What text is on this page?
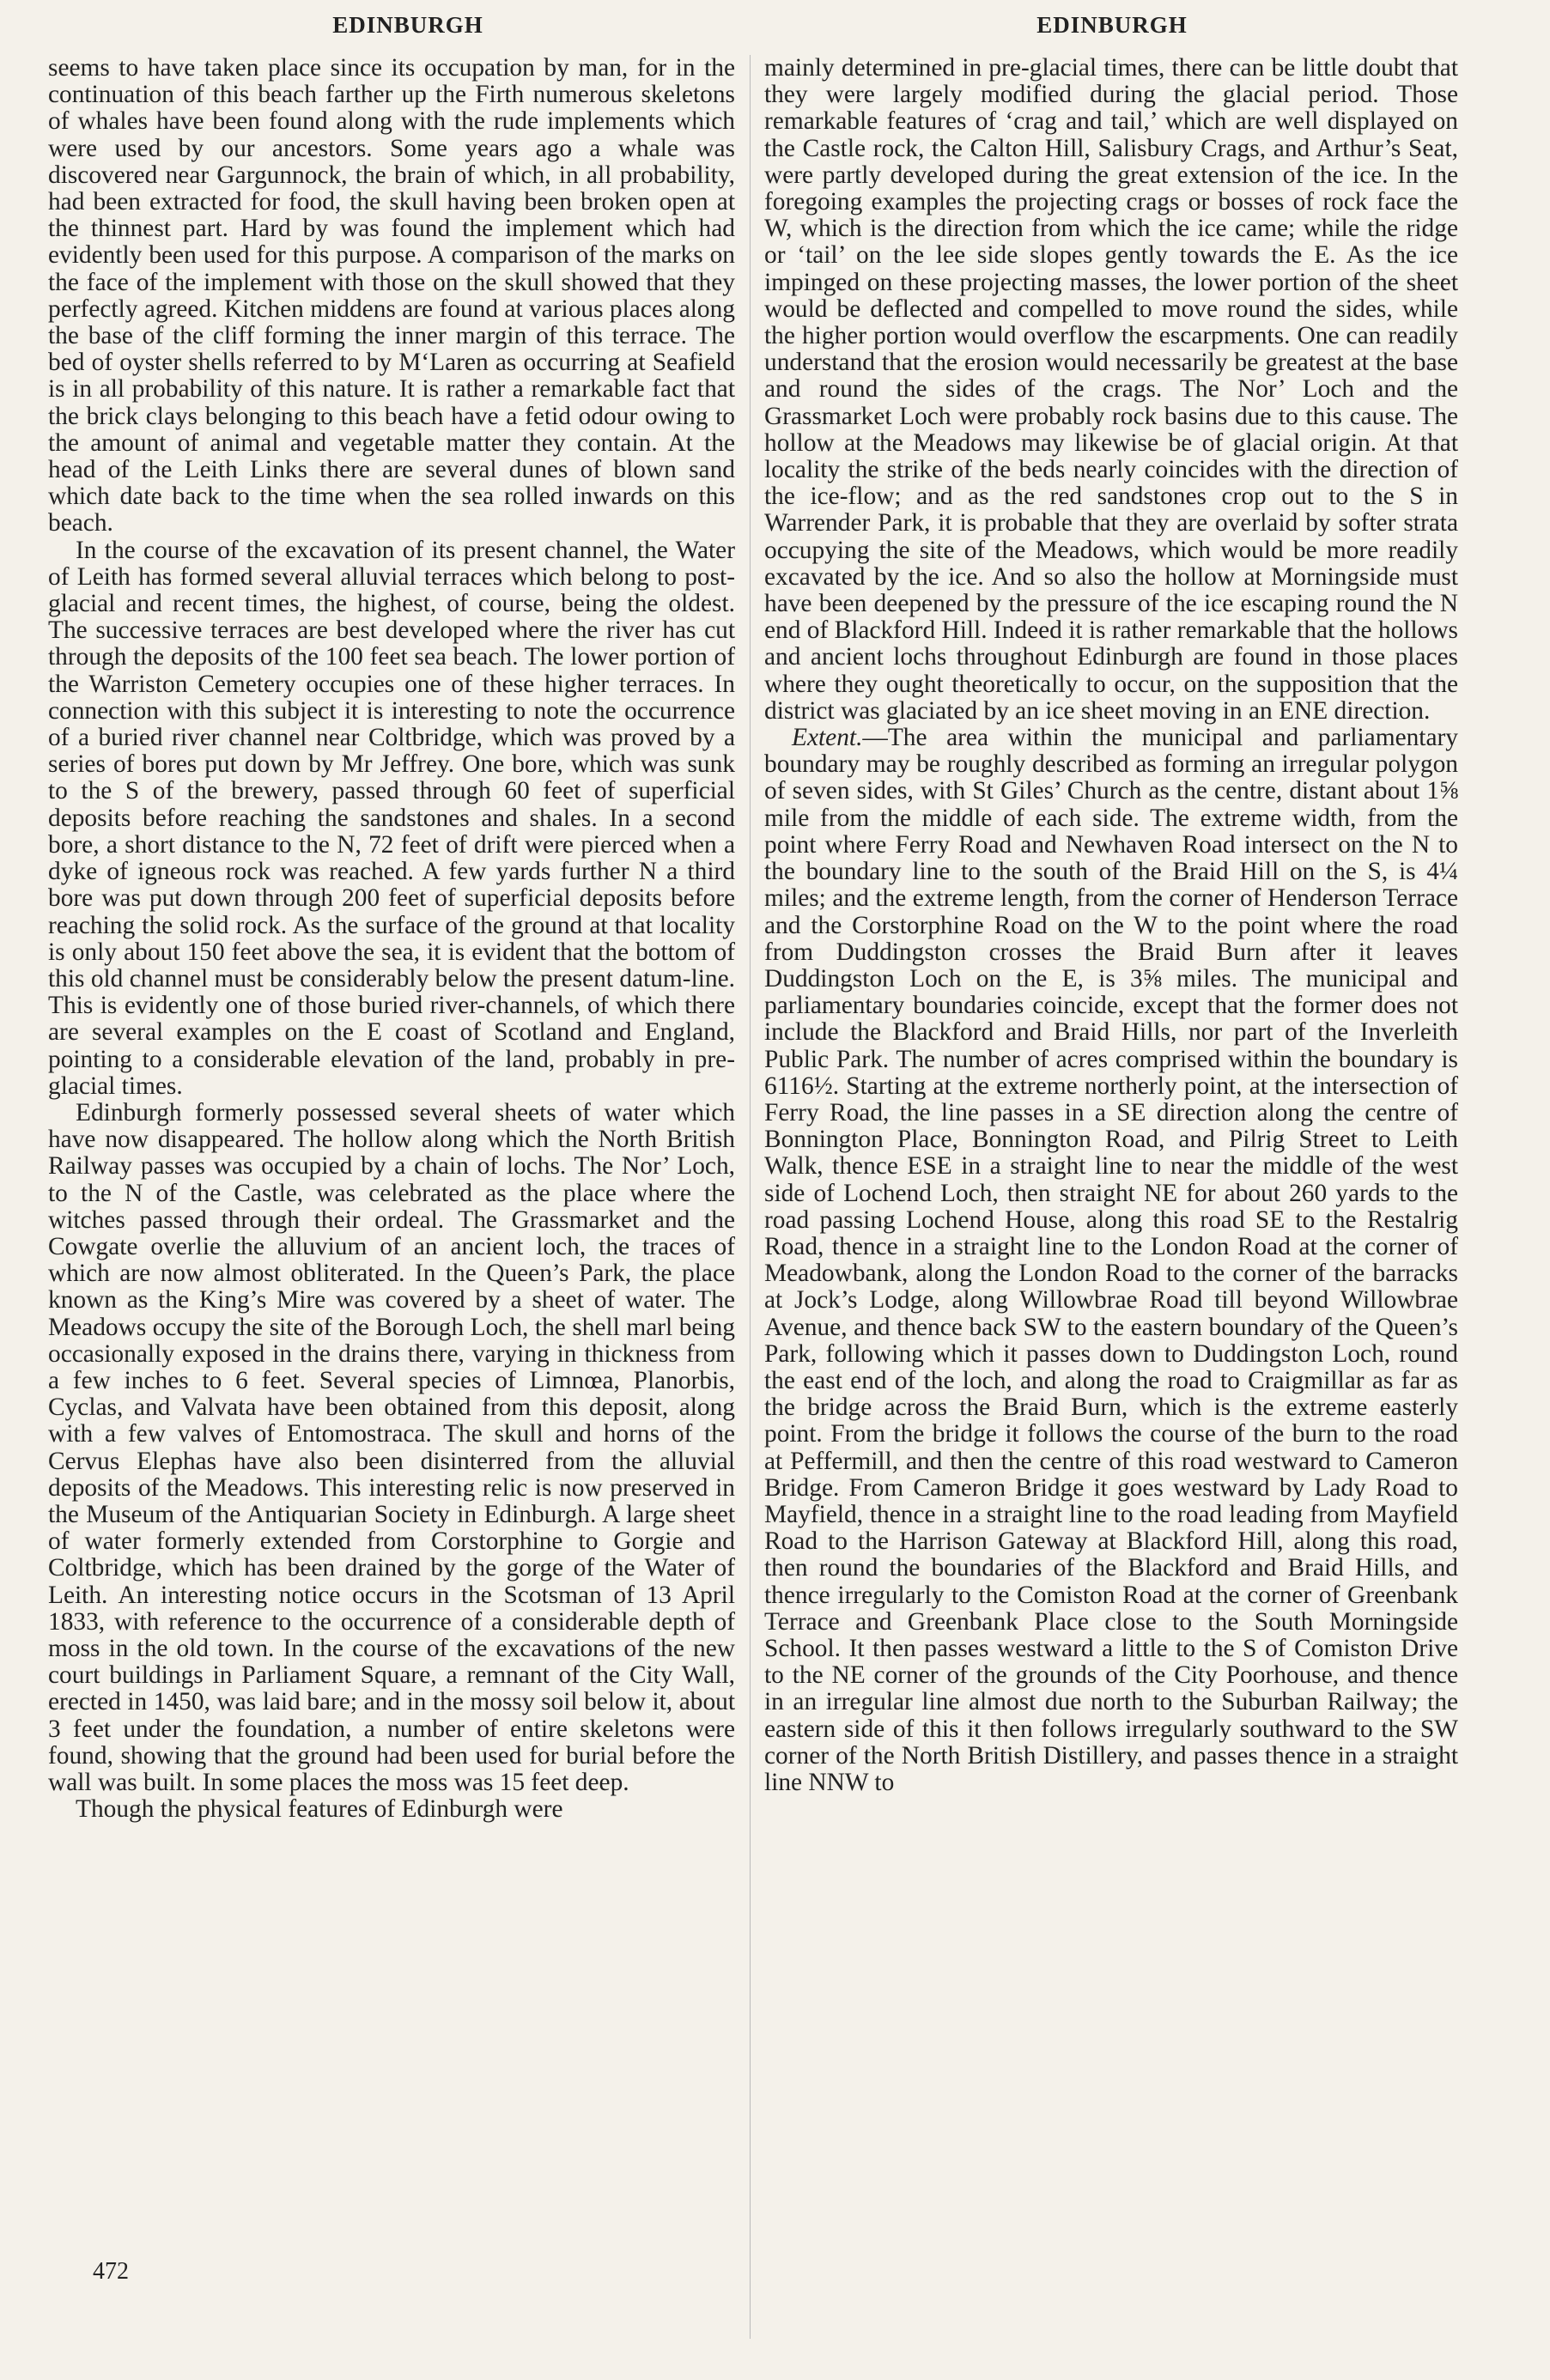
EDINBURGH	EDINBURGH

seems to have taken place since its occupation by man, for in the continuation of this beach farther up the Firth numerous skeletons of whales have been found along with the rude implements which were used by our ancestors. Some years ago a whale was discovered near Gargunnock, the brain of which, in all probability, had been extracted for food, the skull having been broken open at the thinnest part. Hard by was found the implement which had evidently been used for this purpose. A comparison of the marks on the face of the implement with those on the skull showed that they perfectly agreed. Kitchen middens are found at various places along the base of the cliff forming the inner margin of this terrace. The bed of oyster shells referred to by M‘Laren as occurring at Seafield is in all probability of this nature. It is rather a remarkable fact that the brick clays belonging to this beach have a fetid odour owing to the amount of animal and vegetable matter they contain. At the head of the Leith Links there are several dunes of blown sand which date back to the time when the sea rolled inwards on this beach.

In the course of the excavation of its present channel, the Water of Leith has formed several alluvial terraces which belong to post-glacial and recent times, the highest, of course, being the oldest. The successive terraces are best developed where the river has cut through the deposits of the 100 feet sea beach. The lower portion of the Warriston Cemetery occupies one of these higher terraces. In connection with this subject it is interesting to note the occurrence of a buried river channel near Coltbridge, which was proved by a series of bores put down by Mr Jeffrey. One bore, which was sunk to the S of the brewery, passed through 60 feet of superficial deposits before reaching the sandstones and shales. In a second bore, a short distance to the N, 72 feet of drift were pierced when a dyke of igneous rock was reached. A few yards further N a third bore was put down through 200 feet of superficial deposits before reaching the solid rock. As the surface of the ground at that locality is only about 150 feet above the sea, it is evident that the bottom of this old channel must be considerably below the present datum-line. This is evidently one of those buried river-channels, of which there are several examples on the E coast of Scotland and England, pointing to a considerable elevation of the land, probably in pre-glacial times.

Edinburgh formerly possessed several sheets of water which have now disappeared. The hollow along which the North British Railway passes was occupied by a chain of lochs. The Nor’ Loch, to the N of the Castle, was celebrated as the place where the witches passed through their ordeal. The Grassmarket and the Cowgate overlie the alluvium of an ancient loch, the traces of which are now almost obliterated. In the Queen’s Park, the place known as the King’s Mire was covered by a sheet of water. The Meadows occupy the site of the Borough Loch, the shell marl being occasionally exposed in the drains there, varying in thickness from a few inches to 6 feet. Several species of Limnœa, Planorbis, Cyclas, and Valvata have been obtained from this deposit, along with a few valves of Entomostraca. The skull and horns of the Cervus Elephas have also been disinterred from the alluvial deposits of the Meadows. This interesting relic is now preserved in the Museum of the Antiquarian Society in Edinburgh. A large sheet of water formerly extended from Corstorphine to Gorgie and Coltbridge, which has been drained by the gorge of the Water of Leith. An interesting notice occurs in the Scotsman of 13 April 1833, with reference to the occurrence of a considerable depth of moss in the old town. In the course of the excavations of the new court buildings in Parliament Square, a remnant of the City Wall, erected in 1450, was laid bare; and in the mossy soil below it, about 3 feet under the foundation, a number of entire skeletons were found, showing that the ground had been used for burial before the wall was built. In some places the moss was 15 feet deep.

Though the physical features of Edinburgh were

mainly determined in pre-glacial times, there can be little doubt that they were largely modified during the glacial period. Those remarkable features of ‘crag and tail,’ which are well displayed on the Castle rock, the Calton Hill, Salisbury Crags, and Arthur’s Seat, were partly developed during the great extension of the ice. In the foregoing examples the projecting crags or bosses of rock face the W, which is the direction from which the ice came; while the ridge or ‘tail’ on the lee side slopes gently towards the E. As the ice impinged on these projecting masses, the lower portion of the sheet would be deflected and compelled to move round the sides, while the higher portion would overflow the escarpments. One can readily understand that the erosion would necessarily be greatest at the base and round the sides of the crags. The Nor’ Loch and the Grassmarket Loch were probably rock basins due to this cause. The hollow at the Meadows may likewise be of glacial origin. At that locality the strike of the beds nearly coincides with the direction of the ice-flow; and as the red sandstones crop out to the S in Warrender Park, it is probable that they are overlaid by softer strata occupying the site of the Meadows, which would be more readily excavated by the ice. And so also the hollow at Morningside must have been deepened by the pressure of the ice escaping round the N end of Blackford Hill. Indeed it is rather remarkable that the hollows and ancient lochs throughout Edinburgh are found in those places where they ought theoretically to occur, on the supposition that the district was glaciated by an ice sheet moving in an ENE direction.

Extent.—The area within the municipal and parliamentary boundary may be roughly described as forming an irregular polygon of seven sides, with St Giles’ Church as the centre, distant about 1⅝ mile from the middle of each side. The extreme width, from the point where Ferry Road and Newhaven Road intersect on the N to the boundary line to the south of the Braid Hill on the S, is 4¼ miles; and the extreme length, from the corner of Henderson Terrace and the Corstorphine Road on the W to the point where the road from Duddingston crosses the Braid Burn after it leaves Duddingston Loch on the E, is 3⅝ miles. The municipal and parliamentary boundaries coincide, except that the former does not include the Blackford and Braid Hills, nor part of the Inverleith Public Park. The number of acres comprised within the boundary is 6116½. Starting at the extreme northerly point, at the intersection of Ferry Road, the line passes in a SE direction along the centre of Bonnington Place, Bonnington Road, and Pilrig Street to Leith Walk, thence ESE in a straight line to near the middle of the west side of Lochend Loch, then straight NE for about 260 yards to the road passing Lochend House, along this road SE to the Restalrig Road, thence in a straight line to the London Road at the corner of Meadowbank, along the London Road to the corner of the barracks at Jock’s Lodge, along Willowbrae Road till beyond Willowbrae Avenue, and thence back SW to the eastern boundary of the Queen’s Park, following which it passes down to Duddingston Loch, round the east end of the loch, and along the road to Craigmillar as far as the bridge across the Braid Burn, which is the extreme easterly point. From the bridge it follows the course of the burn to the road at Peffermill, and then the centre of this road westward to Cameron Bridge. From Cameron Bridge it goes westward by Lady Road to Mayfield, thence in a straight line to the road leading from Mayfield Road to the Harrison Gateway at Blackford Hill, along this road, then round the boundaries of the Blackford and Braid Hills, and thence irregularly to the Comiston Road at the corner of Greenbank Terrace and Greenbank Place close to the South Morningside School. It then passes westward a little to the S of Comiston Drive to the NE corner of the grounds of the City Poorhouse, and thence in an irregular line almost due north to the Suburban Railway; the eastern side of this it then follows irregularly southward to the SW corner of the North British Distillery, and passes thence in a straight line NNW to

472
